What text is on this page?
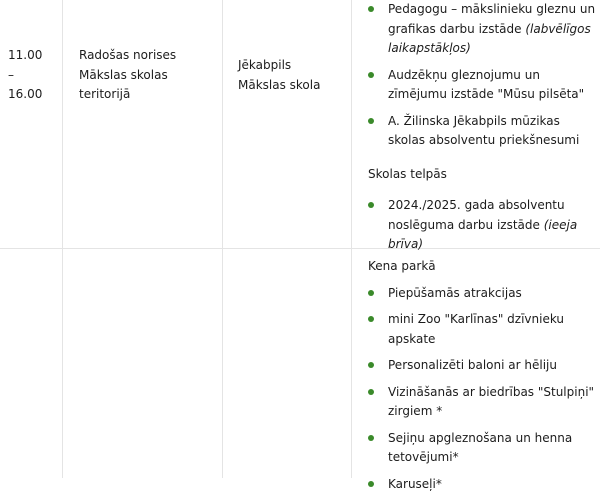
11.00
–
16.00
Radošas norises
Mākslas skolas
teritorijā
Jēkabpils
Mākslas skola
Pedagogu – mākslinieku gleznu un grafikas darbu izstāde (labvēlīgos laikapstākļos)
Audzēkņu gleznojumu un zīmējumu izstāde "Mūsu pilsēta"
A. Žilinska Jēkabpils mūzikas skolas absolventu priekšnesumi
Skolas telpās
2024./2025. gada absolventu noslēguma darbu izstāde (ieeja brīva)
Kena parkā
Piepūšamās atrakcijas
mini Zoo "Karlīnas" dzīvnieku apskate
Personalizēti baloni ar hēliju
Vizināšanās ar biedrības "Stulpiņi" zirgiem *
Sejiņu apgleznošana un henna tetovējumi*
Karuseļi*
